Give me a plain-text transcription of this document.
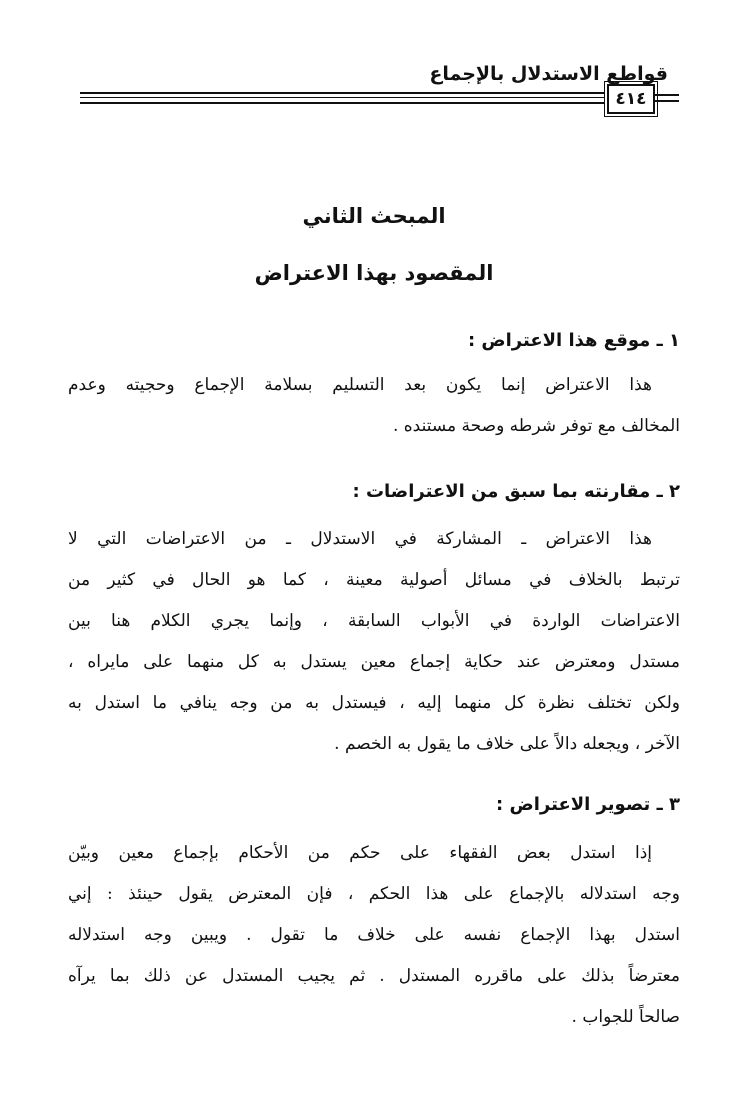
قواطع الاستدلال بالإجماع
٤١٤
المبحث الثاني
المقصود بهذا الاعتراض
١ ـ موقع هذا الاعتراض :
هذا الاعتراض إنما يكون بعد التسليم بسلامة الإجماع وحجيته وعدم
المخالف مع توفر شرطه وصحة مستنده .
٢ ـ مقارنته بما سبق من الاعتراضات :
هذا الاعتراض ـ المشاركة في الاستدلال ـ من الاعتراضات التي لا
ترتبط بالخلاف في مسائل أصولية معينة ، كما هو الحال في كثير من
الاعتراضات الواردة في الأبواب السابقة ، وإنما يجري الكلام هنا بين
مستدل ومعترض عند حكاية إجماع معين يستدل به كل منهما على مايراه ،
ولكن تختلف نظرة كل منهما إليه ، فيستدل به من وجه ينافي ما استدل به
الآخر ، ويجعله دالاً على خلاف ما يقول به الخصم .
٣ ـ تصوير الاعتراض :
إذا استدل بعض الفقهاء على حكم من الأحكام بإجماع معين وبيّن
وجه استدلاله بالإجماع على هذا الحكم ، فإن المعترض يقول حينئذ : إني
استدل بهذا الإجماع نفسه على خلاف ما تقول . ويبين وجه استدلاله
معترضاً بذلك على ماقرره المستدل . ثم يجيب المستدل عن ذلك بما يرآه
صالحاً للجواب .
